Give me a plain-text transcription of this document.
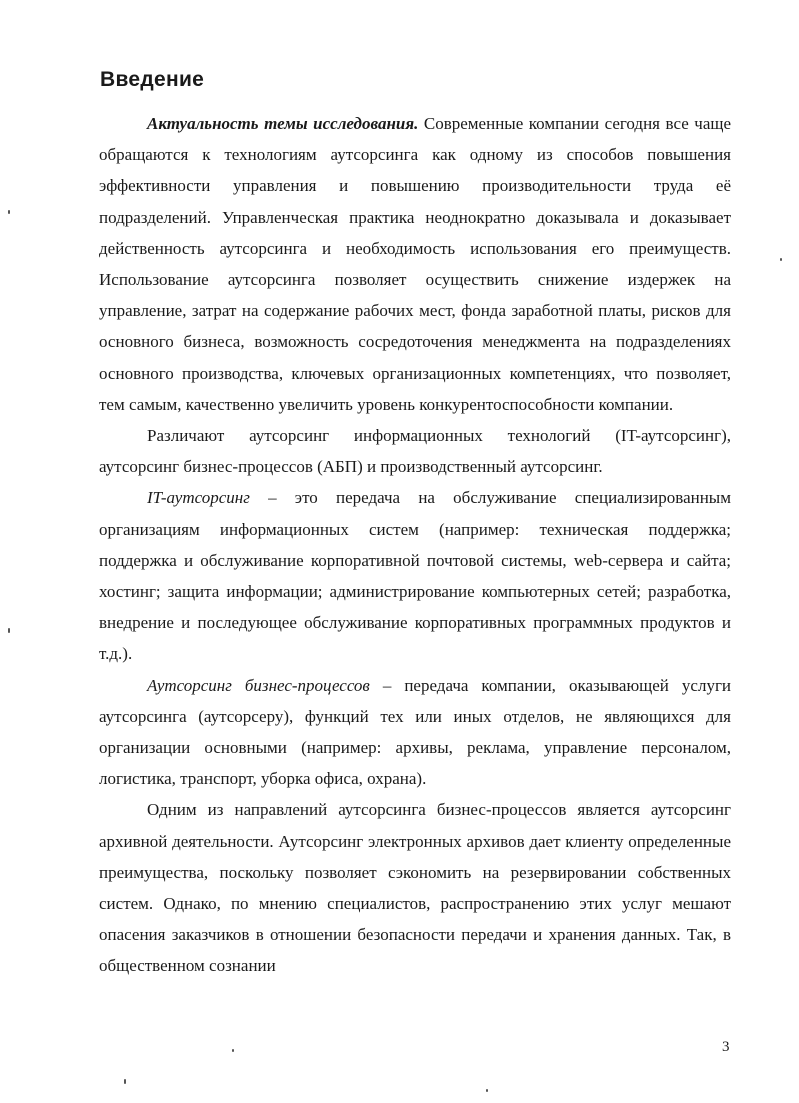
Введение

Актуальность темы исследования. Современные компании сегодня все чаще обращаются к технологиям аутсорсинга как одному из способов повышения эффективности управления и повышению производительности труда её подразделений. Управленческая практика неоднократно доказывала и доказывает действенность аутсорсинга и необходимость использования его преимуществ. Использование аутсорсинга позволяет осуществить снижение издержек на управление, затрат на содержание рабочих мест, фонда заработной платы, рисков для основного бизнеса, возможность сосредоточения менеджмента на подразделениях основного производства, ключевых организационных компетенциях, что позволяет, тем самым, качественно увеличить уровень конкурентоспособности компании.

Различают аутсорсинг информационных технологий (IT-аутсорсинг), аутсорсинг бизнес-процессов (АБП) и производственный аутсорсинг.

IT-аутсорсинг – это передача на обслуживание специализированным организациям информационных систем (например: техническая поддержка; поддержка и обслуживание корпоративной почтовой системы, web-сервера и сайта; хостинг; защита информации; администрирование компьютерных сетей; разработка, внедрение и последующее обслуживание корпоративных программных продуктов и т.д.).

Аутсорсинг бизнес-процессов – передача компании, оказывающей услуги аутсорсинга (аутсорсеру), функций тех или иных отделов, не являющихся для организации основными (например: архивы, реклама, управление персоналом, логистика, транспорт, уборка офиса, охрана).

Одним из направлений аутсорсинга бизнес-процессов является аутсорсинг архивной деятельности. Аутсорсинг электронных архивов дает клиенту определенные преимущества, поскольку позволяет сэкономить на резервировании собственных систем. Однако, по мнению специалистов, распространению этих услуг мешают опасения заказчиков в отношении безопасности передачи и хранения данных. Так, в общественном сознании

3
